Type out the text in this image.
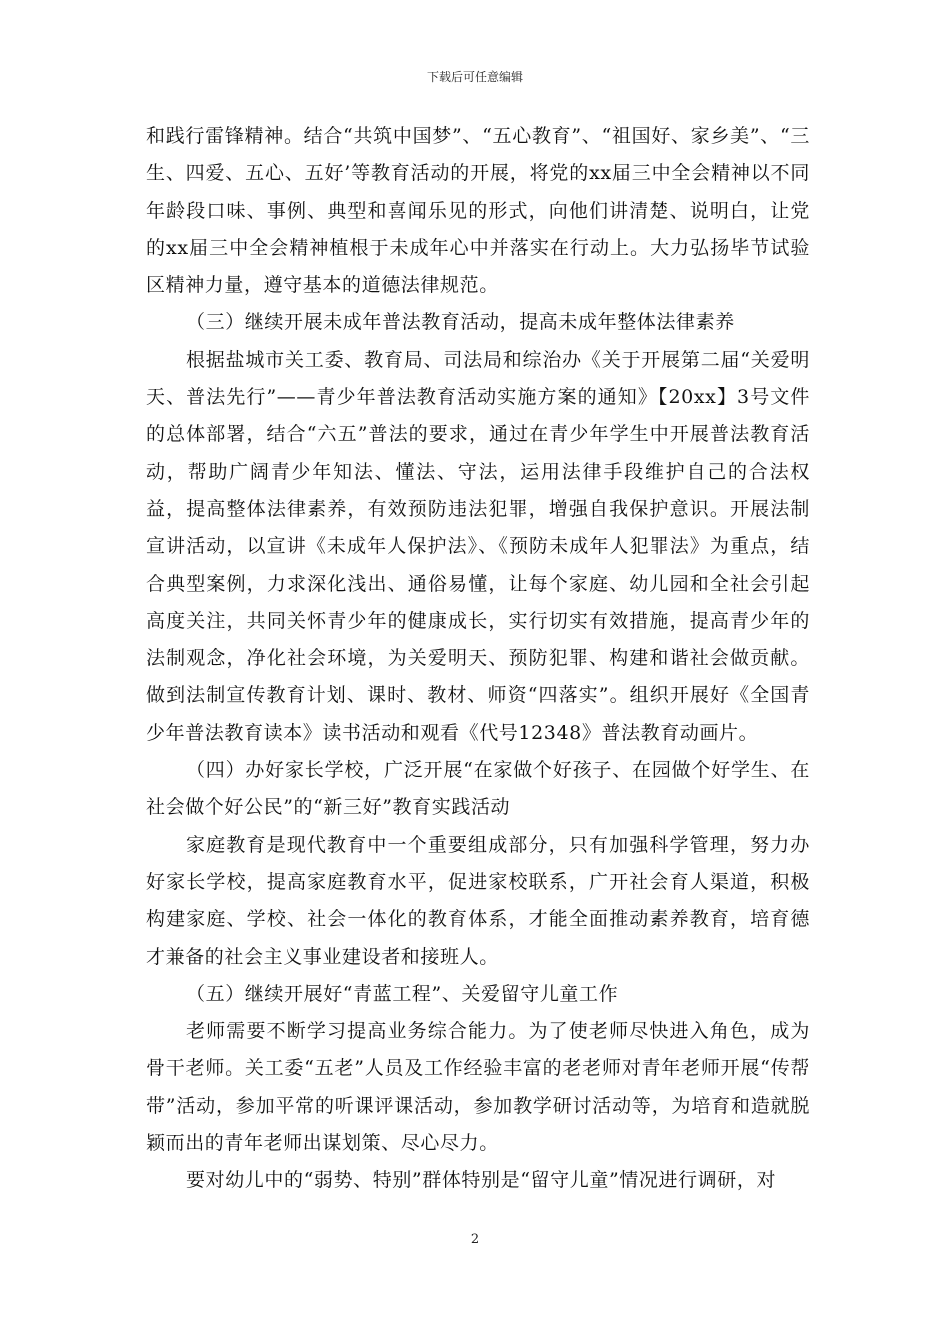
下载后可任意编辑

和践行雷锋精神。结合“共筑中国梦”、“五心教育”、“祖国好、家乡美”、“三生、四爱、五心、五好’等教育活动的开展，将党的xx届三中全会精神以不同年龄段口味、事例、典型和喜闻乐见的形式，向他们讲清楚、说明白，让党的xx届三中全会精神植根于未成年心中并落实在行动上。大力弘扬毕节试验区精神力量，遵守基本的道德法律规范。

（三）继续开展未成年普法教育活动，提高未成年整体法律素养

根据盐城市关工委、教育局、司法局和综治办《关于开展第二届“关爱明天、普法先行”——青少年普法教育活动实施方案的通知》【20xx】3号文件的总体部署，结合“六五”普法的要求，通过在青少年学生中开展普法教育活动，帮助广阔青少年知法、懂法、守法，运用法律手段维护自己的合法权益，提高整体法律素养，有效预防违法犯罪，增强自我保护意识。开展法制宣讲活动，以宣讲《未成年人保护法》、《预防未成年人犯罪法》为重点，结合典型案例，力求深化浅出、通俗易懂，让每个家庭、幼儿园和全社会引起高度关注，共同关怀青少年的健康成长，实行切实有效措施，提高青少年的法制观念，净化社会环境，为关爱明天、预防犯罪、构建和谐社会做贡献。做到法制宣传教育计划、课时、教材、师资“四落实”。组织开展好《全国青少年普法教育读本》读书活动和观看《代号12348》普法教育动画片。

（四）办好家长学校，广泛开展“在家做个好孩子、在园做个好学生、在社会做个好公民”的“新三好”教育实践活动

家庭教育是现代教育中一个重要组成部分，只有加强科学管理，努力办好家长学校，提高家庭教育水平，促进家校联系，广开社会育人渠道，积极构建家庭、学校、社会一体化的教育体系，才能全面推动素养教育，培育德才兼备的社会主义事业建设者和接班人。

（五）继续开展好“青蓝工程”、关爱留守儿童工作

老师需要不断学习提高业务综合能力。为了使老师尽快进入角色，成为骨干老师。关工委“五老”人员及工作经验丰富的老老师对青年老师开展“传帮带”活动，参加平常的听课评课活动，参加教学研讨活动等，为培育和造就脱颖而出的青年老师出谋划策、尽心尽力。

要对幼儿中的“弱势、特别”群体特别是“留守儿童”情况进行调研，对

2
